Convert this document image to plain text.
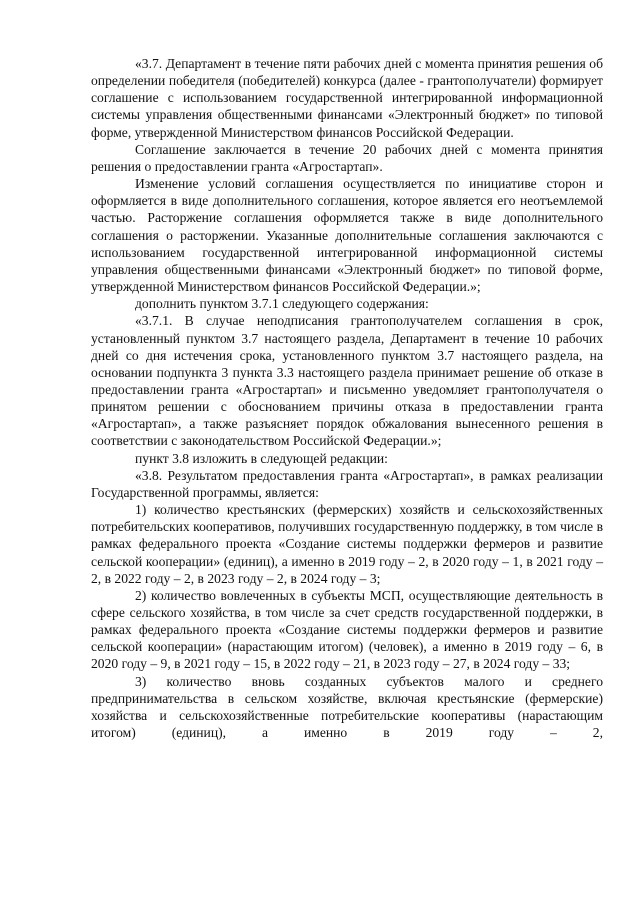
«3.7. Департамент в течение пяти рабочих дней с момента принятия решения об определении победителя (победителей) конкурса (далее - грантополучатели) формирует соглашение с использованием государственной интегрированной информационной системы управления общественными финансами «Электронный бюджет» по типовой форме, утвержденной Министерством финансов Российской Федерации.

Соглашение заключается в течение 20 рабочих дней с момента принятия решения о предоставлении гранта «Агростартап».

Изменение условий соглашения осуществляется по инициативе сторон и оформляется в виде дополнительного соглашения, которое является его неотъемлемой частью. Расторжение соглашения оформляется также в виде дополнительного соглашения о расторжении. Указанные дополнительные соглашения заключаются с использованием государственной интегрированной информационной системы управления общественными финансами «Электронный бюджет» по типовой форме, утвержденной Министерством финансов Российской Федерации.»;

дополнить пунктом 3.7.1 следующего содержания:

«3.7.1. В случае неподписания грантополучателем соглашения в срок, установленный пунктом 3.7 настоящего раздела, Департамент в течение 10 рабочих дней со дня истечения срока, установленного пунктом 3.7 настоящего раздела, на основании подпункта 3 пункта 3.3 настоящего раздела принимает решение об отказе в предоставлении гранта «Агростартап» и письменно уведомляет грантополучателя о принятом решении с обоснованием причины отказа в предоставлении гранта «Агростартап», а также разъясняет порядок обжалования вынесенного решения в соответствии с законодательством Российской Федерации.»;

пункт 3.8 изложить в следующей редакции:

«3.8. Результатом предоставления гранта «Агростартап», в рамках реализации Государственной программы, является:

1) количество крестьянских (фермерских) хозяйств и сельскохозяйственных потребительских кооперативов, получивших государственную поддержку, в том числе в рамках федерального проекта «Создание системы поддержки фермеров и развитие сельской кооперации» (единиц), а именно в 2019 году – 2, в 2020 году – 1, в 2021 году – 2, в 2022 году – 2, в 2023 году – 2, в 2024 году – 3;

2) количество вовлеченных в субъекты МСП, осуществляющие деятельность в сфере сельского хозяйства, в том числе за счет средств государственной поддержки, в рамках федерального проекта «Создание системы поддержки фермеров и развитие сельской кооперации» (нарастающим итогом) (человек), а именно в 2019 году – 6, в 2020 году – 9, в 2021 году – 15, в 2022 году – 21, в 2023 году – 27, в 2024 году – 33;

3) количество вновь созданных субъектов малого и среднего предпринимательства в сельском хозяйстве, включая крестьянские (фермерские) хозяйства и сельскохозяйственные потребительские кооперативы (нарастающим итогом) (единиц), а именно в 2019 году – 2,
